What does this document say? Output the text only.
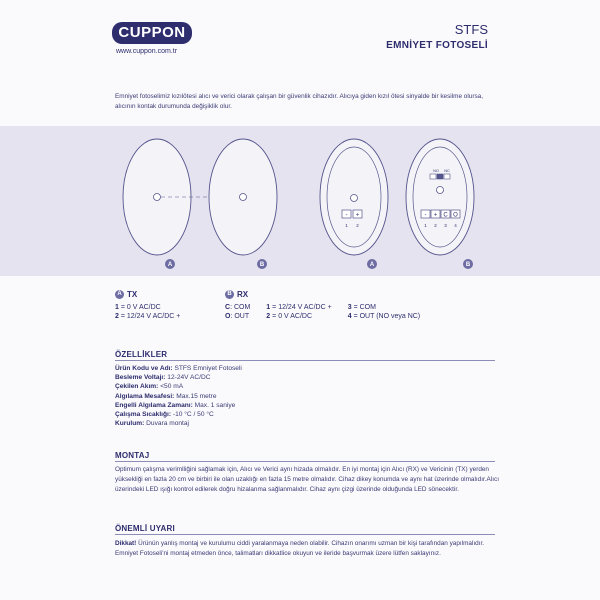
CUPPON
www.cuppon.com.tr
STFS
EMNİYET FOTOSELİ
Emniyet fotoselimiz kızılötesi alıcı ve verici olarak çalışan bir güvenlik cihazıdır. Alıcıya giden kızıl ötesi sinyalde bir kesilme olursa, alıcının kontak durumunda değişiklik olur.
- +
1 2
NO NC
- + C O
1 2 3 4
A	B	A	B
A TX
1 = 0 V AC/DC
2 = 12/24 V AC/DC +
B RX
C: COM
O: OUT
1 = 12/24 V AC/DC +
2 = 0 V AC/DC
3 = COM
4 = OUT (NO veya NC)
ÖZELLİKLER
Ürün Kodu ve Adı: STFS Emniyet Fotoseli
Besleme Voltajı: 12-24V AC/DC
Çekilen Akım: <50 mA
Algılama Mesafesi: Max.15 metre
Engelli Algılama Zamanı: Max. 1 saniye
Çalışma Sıcaklığı: -10 °C / 50 °C
Kurulum: Duvara montaj
MONTAJ
Optimum çalışma verimlliğini sağlamak için, Alıcı ve Verici aynı hizada olmalıdır. En iyi montaj için Alıcı (RX) ve Vericinin (TX) yerden yüksekliği en fazla 20 cm ve birbiri ile olan uzaklığı en fazla 15 metre olmalıdır. Cihaz dikey konumda ve aynı hat üzerinde olmalıdır.Alıcı üzerindeki LED ışığı kontrol edilerek doğru hizalanma sağlanmalıdır. Cihaz aynı çizgi üzerinde olduğunda LED sönecektir.
ÖNEMLİ UYARI
Dikkat! Ürünün yanlış montaj ve kurulumu ciddi yaralanmaya neden olabilir. Cihazın onarımı uzman bir kişi tarafından yapılmalıdır. Emniyet Fotoseli'ni montaj etmeden önce, talimatları dikkatlice okuyun ve ileride başvurmak üzere lütfen saklayınız.
